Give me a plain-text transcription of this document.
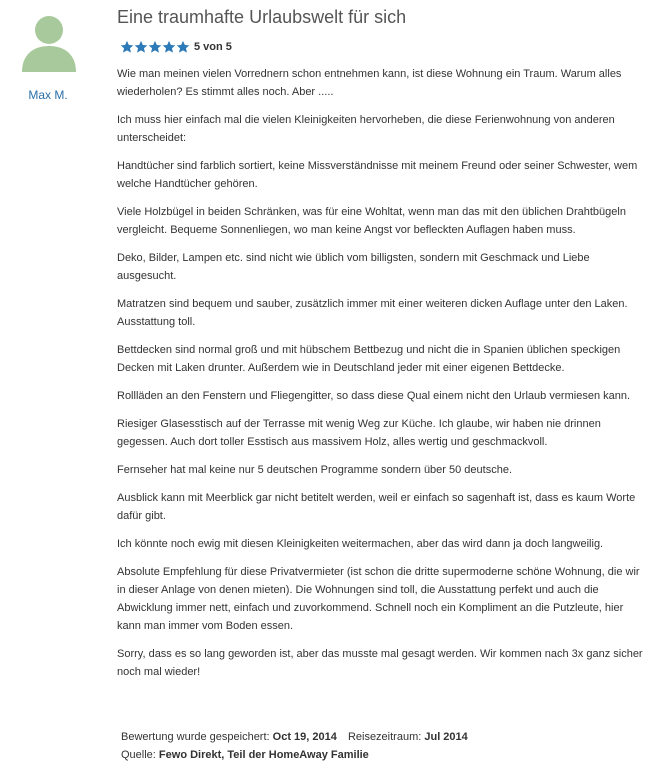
Max M.
Eine traumhafte Urlaubswelt für sich
5 von 5

Wie man meinen vielen Vorrednern schon entnehmen kann, ist diese Wohnung ein Traum. Warum alles wiederholen? Es stimmt alles noch. Aber .....

Ich muss hier einfach mal die vielen Kleinigkeiten hervorheben, die diese Ferienwohnung von anderen unterscheidet:

Handtücher sind farblich sortiert, keine Missverständnisse mit meinem Freund oder seiner Schwester, wem welche Handtücher gehören.

Viele Holzbügel in beiden Schränken, was für eine Wohltat, wenn man das mit den üblichen Drahtbügeln vergleicht. Bequeme Sonnenliegen, wo man keine Angst vor befleckten Auflagen haben muss.

Deko, Bilder, Lampen etc. sind nicht wie üblich vom billigsten, sondern mit Geschmack und Liebe ausgesucht.

Matratzen sind bequem und sauber, zusätzlich immer mit einer weiteren dicken Auflage unter den Laken. Ausstattung toll.

Bettdecken sind normal groß und mit hübschem Bettbezug und nicht die in Spanien üblichen speckigen Decken mit Laken drunter. Außerdem wie in Deutschland jeder mit einer eigenen Bettdecke.

Rollläden an den Fenstern und Fliegengitter, so dass diese Qual einem nicht den Urlaub vermiesen kann.

Riesiger Glasesstisch auf der Terrasse mit wenig Weg zur Küche. Ich glaube, wir haben nie drinnen gegessen. Auch dort toller Esstisch aus massivem Holz, alles wertig und geschmackvoll.

Fernseher hat mal keine nur 5 deutschen Programme sondern über 50 deutsche.

Ausblick kann mit Meerblick gar nicht betitelt werden, weil er einfach so sagenhaft ist, dass es kaum Worte dafür gibt.

Ich könnte noch ewig mit diesen Kleinigkeiten weitermachen, aber das wird dann ja doch langweilig.

Absolute Empfehlung für diese Privatvermieter (ist schon die dritte supermoderne schöne Wohnung, die wir in dieser Anlage von denen mieten). Die Wohnungen sind toll, die Ausstattung perfekt und auch die Abwicklung immer nett, einfach und zuvorkommend. Schnell noch ein Kompliment an die Putzleute, hier kann man immer vom Boden essen.

Sorry, dass es so lang geworden ist, aber das musste mal gesagt werden. Wir kommen nach 3x ganz sicher noch mal wieder!

Bewertung wurde gespeichert: Oct 19, 2014 Reisezeitraum: Jul 2014
Quelle: Fewo Direkt, Teil der HomeAway Familie
